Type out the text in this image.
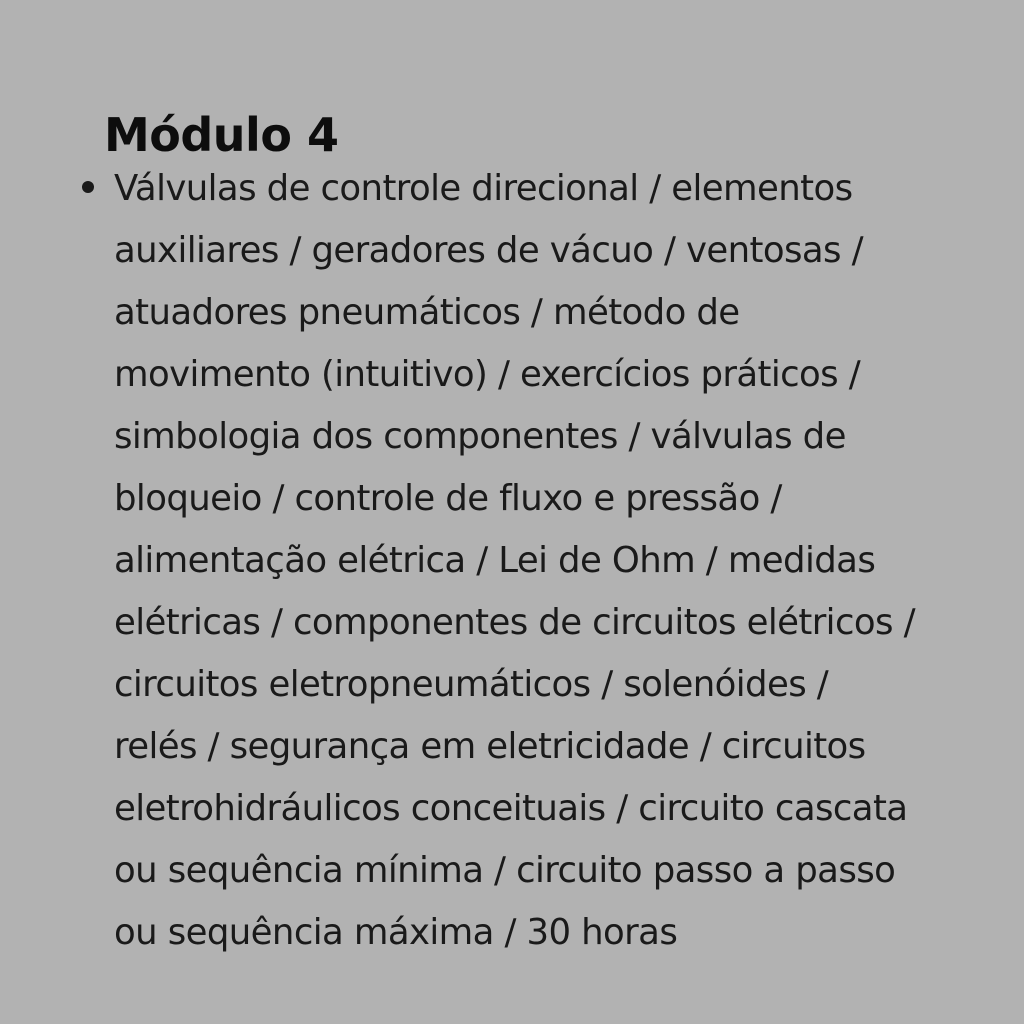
Módulo 4
Válvulas de controle direcional / elementos
auxiliares / geradores de vácuo / ventosas /
atuadores pneumáticos / método de
movimento (intuitivo) / exercícios práticos /
simbologia dos componentes / válvulas de
bloqueio / controle de fluxo e pressão /
alimentação elétrica / Lei de Ohm / medidas
elétricas / componentes de circuitos elétricos /
circuitos eletropneumáticos / solenóides /
relés / segurança em eletricidade / circuitos
eletrohidráulicos conceituais / circuito cascata
ou sequência mínima / circuito passo a passo
ou sequência máxima / 30 horas
